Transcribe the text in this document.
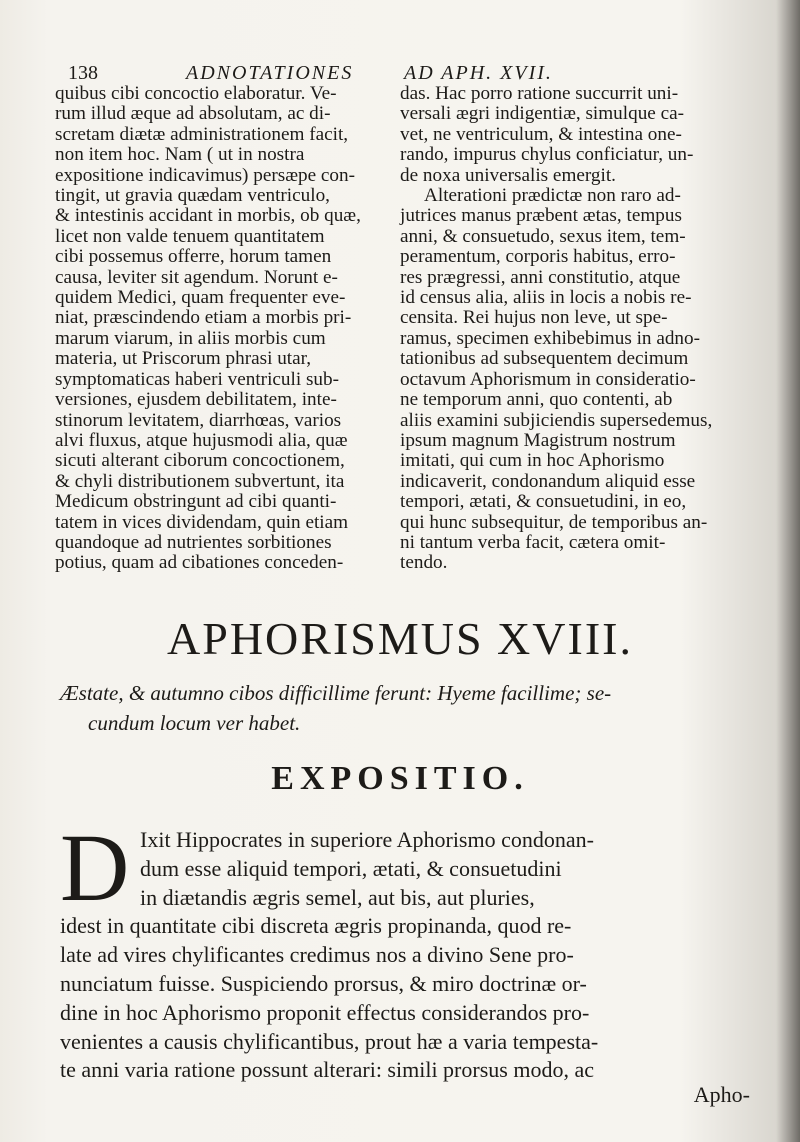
138	ADNOTATIONES	AD APH. XVII.
quibus cibi concoctio elaboratur. Ve-
rum illud æque ad absolutam, ac di-
scretam diætæ administrationem facit,
non item hoc. Nam ( ut in nostra
expositione indicavimus) persæpe con-
tingit, ut gravia quædam ventriculo,
& intestinis accidant in morbis, ob quæ,
licet non valde tenuem quantitatem
cibi possemus offerre, horum tamen
causa, leviter sit agendum. Norunt e-
quidem Medici, quam frequenter eve-
niat, præscindendo etiam a morbis pri-
marum viarum, in aliis morbis cum
materia, ut Priscorum phrasi utar,
symptomaticas haberi ventriculi sub-
versiones, ejusdem debilitatem, inte-
stinorum levitatem, diarrhœas, varios
alvi fluxus, atque hujusmodi alia, quæ
sicuti alterant ciborum concoctionem,
& chyli distributionem subvertunt, ita
Medicum obstringunt ad cibi quanti-
tatem in vices dividendam, quin etiam
quandoque ad nutrientes sorbitiones
potius, quam ad cibationes conceden-
das. Hac porro ratione succurrit uni-
versali ægri indigentiæ, simulque ca-
vet, ne ventriculum, & intestina one-
rando, impurus chylus conficiatur, un-
de noxa universalis emergit.
Alterationi prædictæ non raro ad-
jutrices manus præbent ætas, tempus
anni, & consuetudo, sexus item, tem-
peramentum, corporis habitus, erro-
res prægressi, anni constitutio, atque
id census alia, aliis in locis a nobis re-
censita. Rei hujus non leve, ut spe-
ramus, specimen exhibebimus in adno-
tationibus ad subsequentem decimum
octavum Aphorismum in consideratio-
ne temporum anni, quo contenti, ab
aliis examini subjiciendis supersedemus,
ipsum magnum Magistrum nostrum
imitati, qui cum in hoc Aphorismo
indicaverit, condonandum aliquid esse
tempori, ætati, & consuetudini, in eo,
qui hunc subsequitur, de temporibus an-
ni tantum verba facit, cætera omit-
tendo.
APHORISMUS XVIII.
Æstate, & autumno cibos difficillime ferunt: Hyeme facillime; se-
cundum locum ver habet.
EXPOSITIO.
D Ixit Hippocrates in superiore Aphorismo condonan-
dum esse aliquid tempori, ætati, & consuetudini
in diætandis ægris semel, aut bis, aut pluries,
idest in quantitate cibi discreta ægris propinanda, quod re-
late ad vires chylificantes credimus nos a divino Sene pro-
nunciatum fuisse. Suspiciendo prorsus, & miro doctrinæ or-
dine in hoc Aphorismo proponit effectus considerandos pro-
venientes a causis chylificantibus, prout hæ a varia tempesta-
te anni varia ratione possunt alterari: simili prorsus modo, ac
Apho-
